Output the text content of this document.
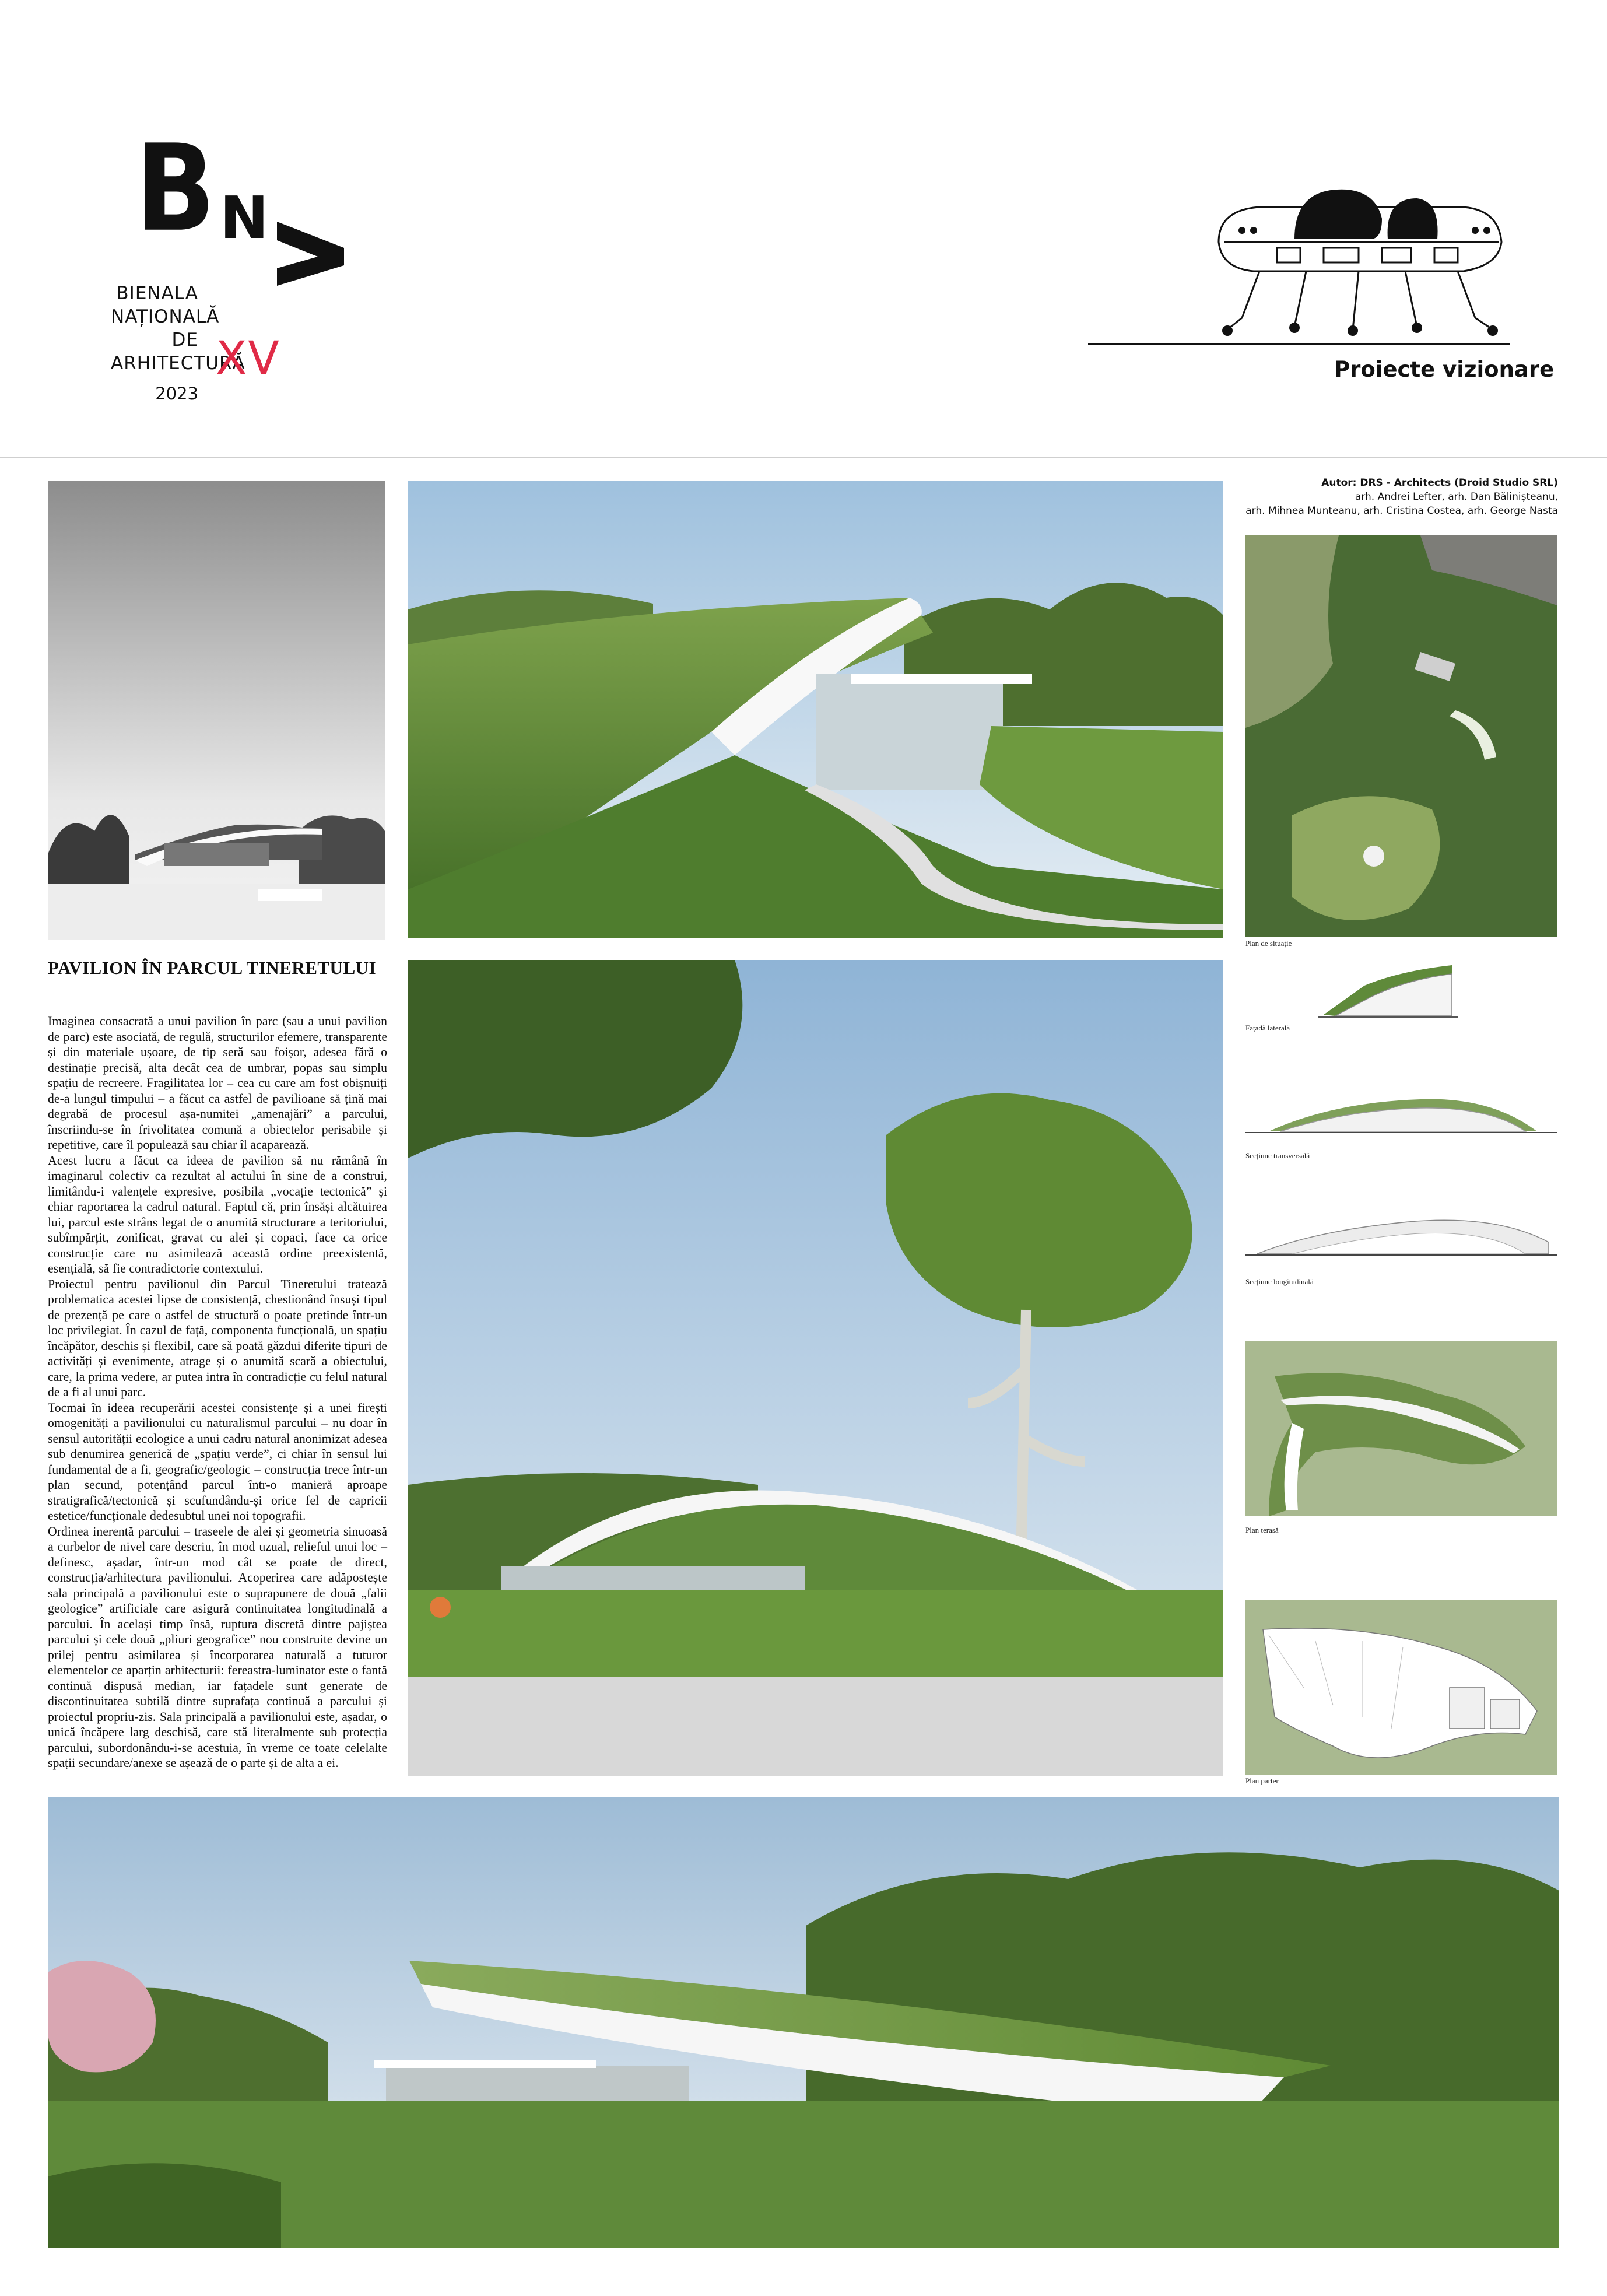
B N	A
BIENALA
NAȚIONALĂ
DE
ARHITECTURĂ
2023
XV	Proiecte vizionare
PAVILION ÎN PARCUL TINERETULUI

Imaginea consacrată a unui pavilion în parc (sau a unui pavilion de parc) este asociată, de regulă, structurilor efemere, transparente și din materiale ușoare, de tip seră sau foișor, adesea fără o destinație precisă, alta decât cea de umbrar, popas sau simplu spațiu de recreere. Fragilitatea lor – cea cu care am fost obișnuiți de-a lungul timpului – a făcut ca astfel de pavilioane să țină mai degrabă de procesul așa-numitei „amenajări” a parcului, înscriindu-se în frivolitatea comună a obiectelor perisabile și repetitive, care îl populează sau chiar îl acaparează.

Acest lucru a făcut ca ideea de pavilion să nu rămână în imaginarul colectiv ca rezultat al actului în sine de a construi, limitându-i valențele expresive, posibila „vocație tectonică” și chiar raportarea la cadrul natural. Faptul că, prin însăși alcătuirea lui, parcul este strâns legat de o anumită structurare a teritoriului, subîmpărțit, zonificat, gravat cu alei și copaci, face ca orice construcție care nu asimilează această ordine preexistentă, esențială, să fie contradictorie contextului.

Proiectul pentru pavilionul din Parcul Tineretului tratează problematica acestei lipse de consistență, chestionând însuși tipul de prezență pe care o astfel de structură o poate pretinde într-un loc privilegiat. În cazul de față, componenta funcțională, un spațiu încăpător, deschis și flexibil, care să poată găzdui diferite tipuri de activități și evenimente, atrage și o anumită scară a obiectului, care, la prima vedere, ar putea intra în contradicție cu felul natural de a fi al unui parc.

Tocmai în ideea recuperării acestei consistențe și a unei firești omogenități a pavilionului cu naturalismul parcului – nu doar în sensul autorității ecologice a unui cadru natural anonimizat adesea sub denumirea generică de „spațiu verde”, ci chiar în sensul lui fundamental de a fi, geografic/geologic – construcția trece într-un plan secund, potențând parcul într-o manieră aproape stratigrafică/tectonică și scufundându-și orice fel de capricii estetice/funcționale dedesubtul unei noi topografii.

Ordinea inerentă parcului – traseele de alei și geometria sinuoasă a curbelor de nivel care descriu, în mod uzual, relieful unui loc – definesc, așadar, într-un mod cât se poate de direct, construcția/arhitectura pavilionului. Acoperirea care adăpostește sala principală a pavilionului este o suprapunere de două „falii geologice” artificiale care asigură continuitatea longitudinală a parcului. În același timp însă, ruptura discretă dintre pajiștea parcului și cele două „pliuri geografice” nou construite devine un prilej pentru asimilarea și încorporarea naturală a tuturor elementelor ce aparțin arhitecturii: fereastra-luminator este o fantă continuă dispusă median, iar fațadele sunt generate de discontinuitatea subtilă dintre suprafața continuă a parcului și proiectul propriu-zis. Sala principală a pavilionului este, așadar, o unică încăpere larg deschisă, care stă literalmente sub protecția parcului, subordonându-i-se acestuia, în vreme ce toate celelalte spații secundare/anexe se așează de o parte și de alta a ei.

Autor: DRS - Architects (Droid Studio SRL)
arh. Andrei Lefter, arh. Dan Bălinișteanu,
arh. Mihnea Munteanu, arh. Cristina Costea, arh. George Nasta
Plan de situație
Fațadă laterală
Secțiune transversală
Secțiune longitudinală
Plan terasă
Plan parter
